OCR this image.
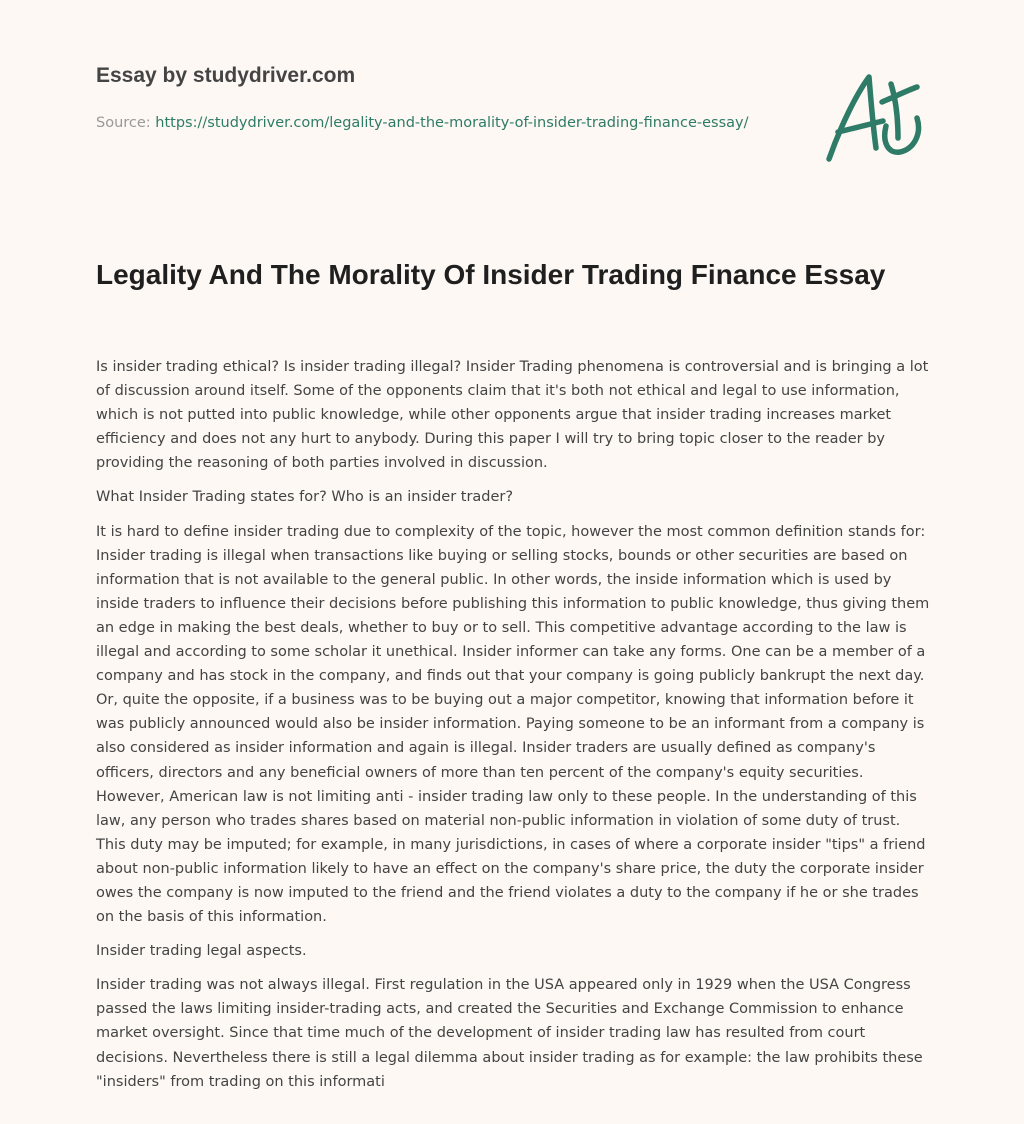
Essay by studydriver.com
Source: https://studydriver.com/legality-and-the-morality-of-insider-trading-finance-essay/
Legality And The Morality Of Insider Trading Finance Essay

Is insider trading ethical? Is insider trading illegal? Insider Trading phenomena is controversial and is bringing a lot of discussion around itself. Some of the opponents claim that it's both not ethical and legal to use information, which is not putted into public knowledge, while other opponents argue that insider trading increases market efficiency and does not any hurt to anybody. During this paper I will try to bring topic closer to the reader by providing the reasoning of both parties involved in discussion.

What Insider Trading states for? Who is an insider trader?

It is hard to define insider trading due to complexity of the topic, however the most common definition stands for: Insider trading is illegal when transactions like buying or selling stocks, bounds or other securities are based on information that is not available to the general public. In other words, the inside information which is used by inside traders to influence their decisions before publishing this information to public knowledge, thus giving them an edge in making the best deals, whether to buy or to sell. This competitive advantage according to the law is illegal and according to some scholar it unethical. Insider informer can take any forms. One can be a member of a company and has stock in the company, and finds out that your company is going publicly bankrupt the next day. Or, quite the opposite, if a business was to be buying out a major competitor, knowing that information before it was publicly announced would also be insider information. Paying someone to be an informant from a company is also considered as insider information and again is illegal. Insider traders are usually defined as company's officers, directors and any beneficial owners of more than ten percent of the company's equity securities. However, American law is not limiting anti - insider trading law only to these people. In the understanding of this law, any person who trades shares based on material non-public information in violation of some duty of trust. This duty may be imputed; for example, in many jurisdictions, in cases of where a corporate insider "tips" a friend about non-public information likely to have an effect on the company's share price, the duty the corporate insider owes the company is now imputed to the friend and the friend violates a duty to the company if he or she trades on the basis of this information.

Insider trading legal aspects.

Insider trading was not always illegal. First regulation in the USA appeared only in 1929 when the USA Congress passed the laws limiting insider-trading acts, and created the Securities and Exchange Commission to enhance market oversight. Since that time much of the development of insider trading law has resulted from court decisions. Nevertheless there is still a legal dilemma about insider trading as for example: the law prohibits these "insiders" from trading on this informati
